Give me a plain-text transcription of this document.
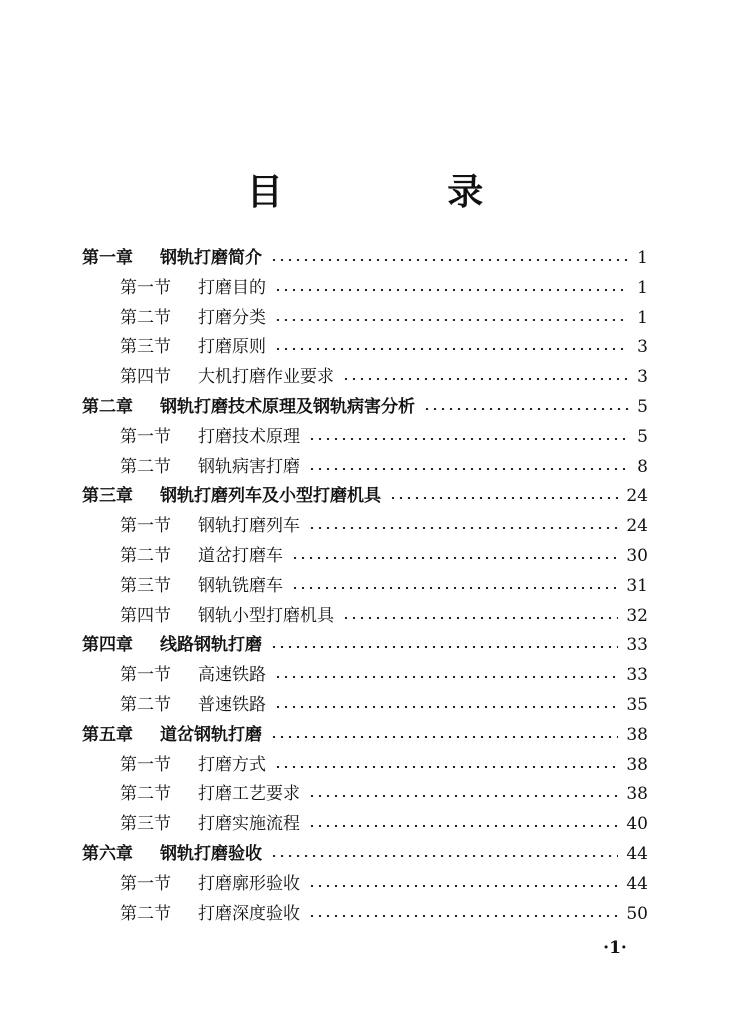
目 录
第一章	钢轨打磨简介	1
第一节	打磨目的	1
第二节	打磨分类	1
第三节	打磨原则	3
第四节	大机打磨作业要求	3
第二章	钢轨打磨技术原理及钢轨病害分析	5
第一节	打磨技术原理	5
第二节	钢轨病害打磨	8
第三章	钢轨打磨列车及小型打磨机具	24
第一节	钢轨打磨列车	24
第二节	道岔打磨车	30
第三节	钢轨铣磨车	31
第四节	钢轨小型打磨机具	32
第四章	线路钢轨打磨	33
第一节	高速铁路	33
第二节	普速铁路	35
第五章	道岔钢轨打磨	38
第一节	打磨方式	38
第二节	打磨工艺要求	38
第三节	打磨实施流程	40
第六章	钢轨打磨验收	44
第一节	打磨廓形验收	44
第二节	打磨深度验收	50
·1·
